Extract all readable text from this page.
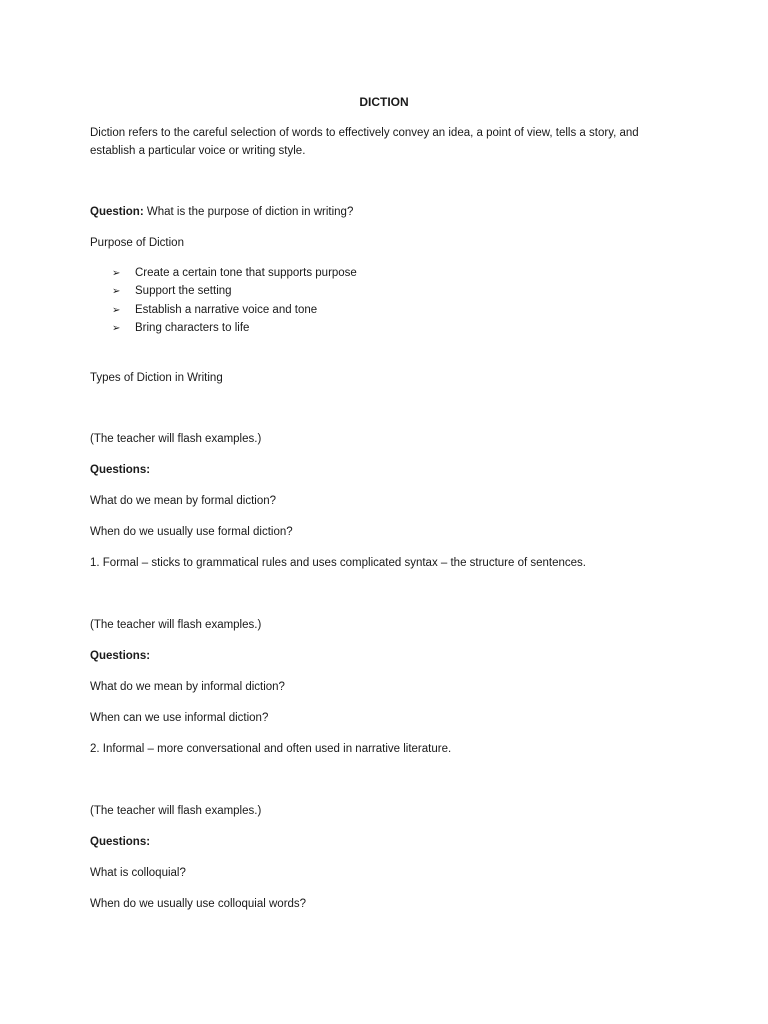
DICTION
Diction refers to the careful selection of words to effectively convey an idea, a point of view, tells a story, and establish a particular voice or writing style.
Question: What is the purpose of diction in writing?
Purpose of Diction
➢ Create a certain tone that supports purpose
➢ Support the setting
➢ Establish a narrative voice and tone
➢ Bring characters to life
Types of Diction in Writing
(The teacher will flash examples.)
Questions:
What do we mean by formal diction?
When do we usually use formal diction?
1. Formal – sticks to grammatical rules and uses complicated syntax – the structure of sentences.
(The teacher will flash examples.)
Questions:
What do we mean by informal diction?
When can we use informal diction?
2. Informal – more conversational and often used in narrative literature.
(The teacher will flash examples.)
Questions:
What is colloquial?
When do we usually use colloquial words?
